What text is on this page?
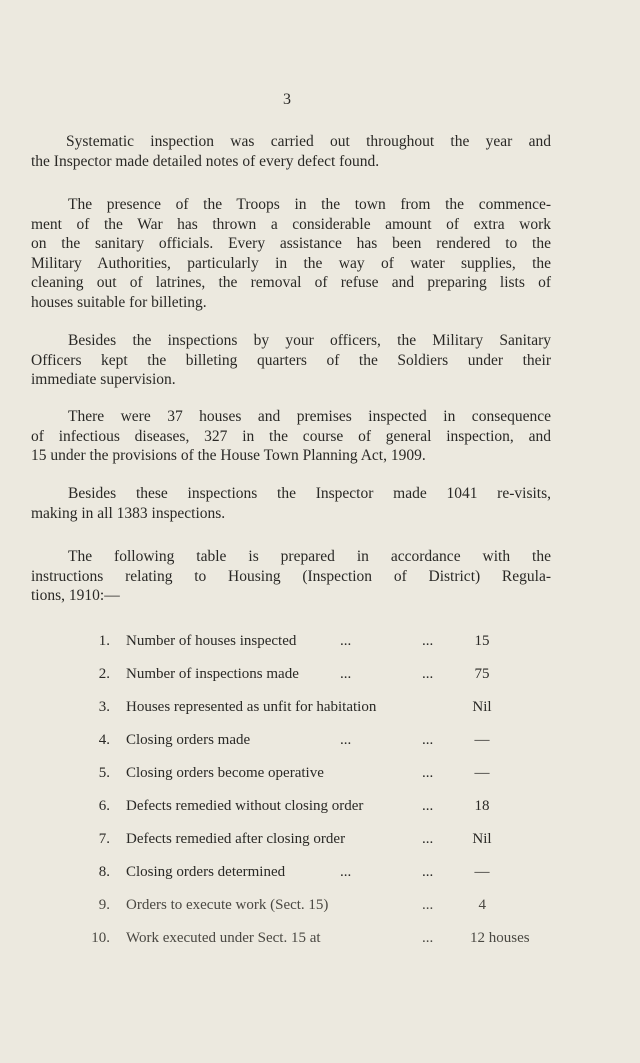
3

Systematic inspection was carried out throughout the year and
the Inspector made detailed notes of every defect found.

The presence of the Troops in the town from the commence-
ment of the War has thrown a considerable amount of extra work
on the sanitary officials. Every assistance has been rendered to the
Military Authorities, particularly in the way of water supplies, the
cleaning out of latrines, the removal of refuse and preparing lists of
houses suitable for billeting.

Besides the inspections by your officers, the Military Sanitary
Officers kept the billeting quarters of the Soldiers under their
immediate supervision.

There were 37 houses and premises inspected in consequence
of infectious diseases, 327 in the course of general inspection, and
15 under the provisions of the House Town Planning Act, 1909.

Besides these inspections the Inspector made 1041 re-visits,
making in all 1383 inspections.

The following table is prepared in accordance with the
instructions relating to Housing (Inspection of District) Regula-
tions, 1910:—

1. Number of houses inspected	...	...	15
2. Number of inspections made	...	...	75
3. Houses represented as unfit for habitation	Nil
4. Closing orders made	...	...	—
5. Closing orders become operative	...	—
6. Defects remedied without closing order	...	18
7. Defects remedied after closing order	...	Nil
8. Closing orders determined	...	...	—
9. Orders to execute work (Sect. 15)	...	4
10. Work executed under Sect. 15 at	... 12 houses
